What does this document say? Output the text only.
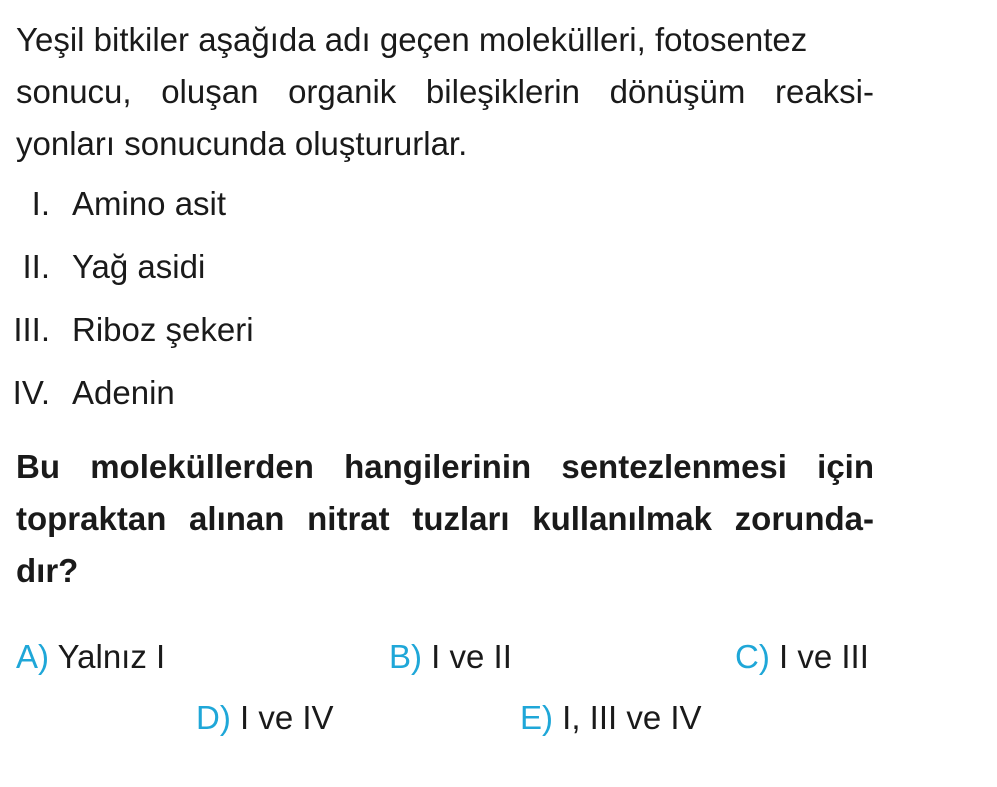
Yeşil bitkiler aşağıda adı geçen molekülleri, fotosentez
sonucu, oluşan organik bileşiklerin dönüşüm reaksi-
yonları sonucunda oluştururlar.
I. Amino asit
II. Yağ asidi
III. Riboz şekeri
IV. Adenin
Bu moleküllerden hangilerinin sentezlenmesi için
topraktan alınan nitrat tuzları kullanılmak zorunda-
dır?
A) Yalnız I	B) I ve II	C) I ve III
D) I ve IV	E) I, III ve IV
